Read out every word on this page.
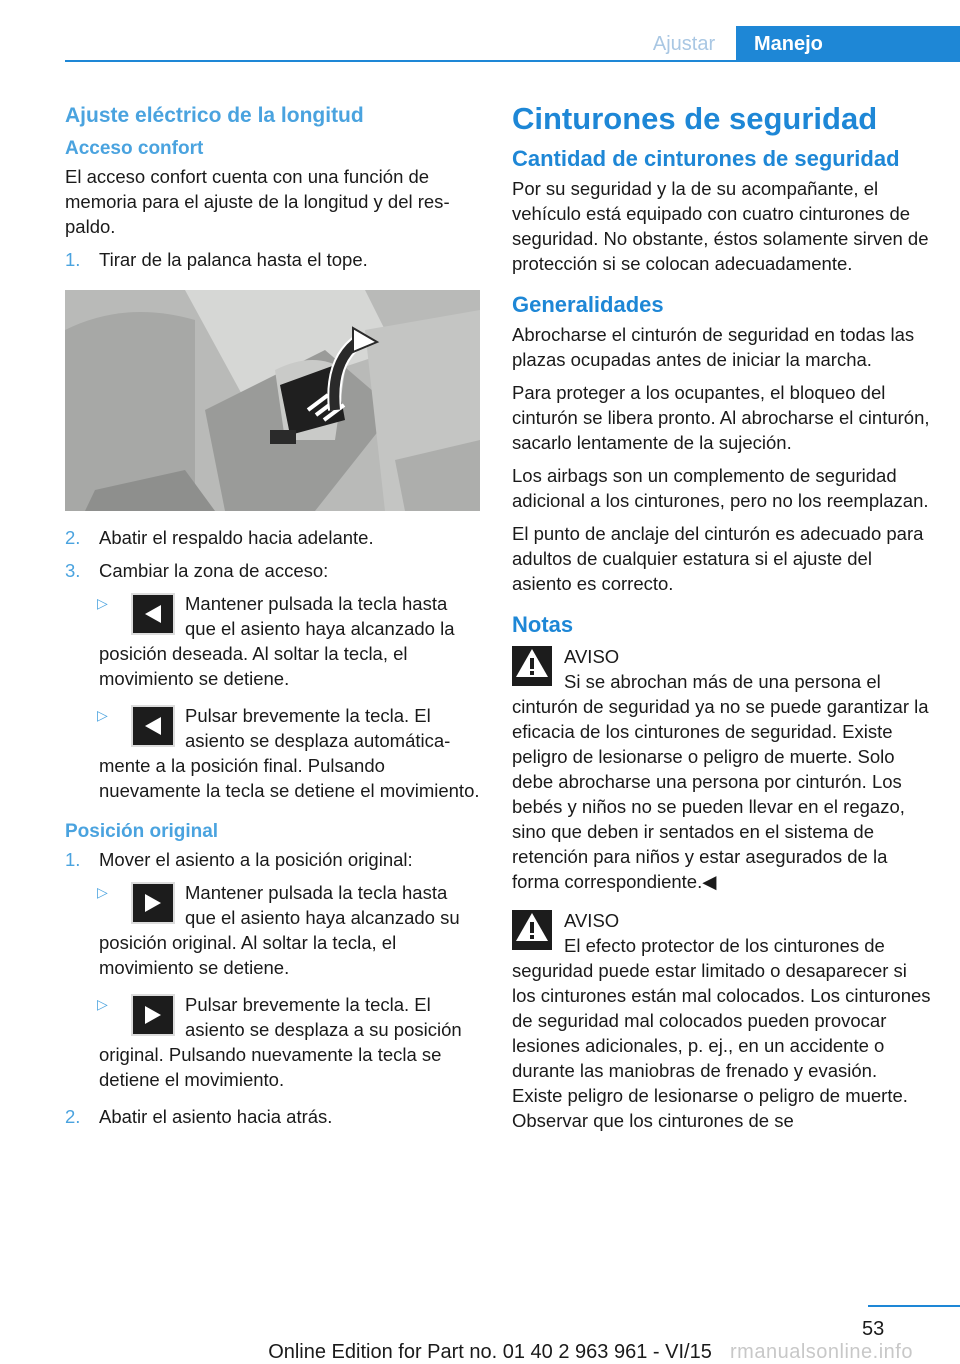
Ajustar	Manejo
Ajuste eléctrico de la longitud
Acceso confort

El acceso confort cuenta con una función de memoria para el ajuste de la longitud y del respaldo.

1.	Tirar de la palanca hasta el tope.
2.	Abatir el respaldo hacia adelante.
3.	Cambiar la zona de acceso:
▷	Mantener pulsada la tecla hasta que el asiento haya alcanzado la posición deseada. Al soltar la tecla, el movimiento se detiene.
▷	Pulsar brevemente la tecla. El asiento se desplaza automáticamente a la posición final. Pulsando nuevamente la tecla se detiene el movimiento.
Posición original
1.	Mover el asiento a la posición original:
▷	Mantener pulsada la tecla hasta que el asiento haya alcanzado su posición original. Al soltar la tecla, el movimiento se detiene.
▷	Pulsar brevemente la tecla. El asiento se desplaza a su posición original. Pulsando nuevamente la tecla se detiene el movimiento.
2.	Abatir el asiento hacia atrás.
Cinturones de seguridad
Cantidad de cinturones de seguridad

Por su seguridad y la de su acompañante, el vehículo está equipado con cuatro cinturones de seguridad. No obstante, éstos solamente sirven de protección si se colocan adecuadamente.

Generalidades

Abrocharse el cinturón de seguridad en todas las plazas ocupadas antes de iniciar la marcha.

Para proteger a los ocupantes, el bloqueo del cinturón se libera pronto. Al abrocharse el cinturón, sacarlo lentamente de la sujeción.

Los airbags son un complemento de seguridad adicional a los cinturones, pero no los reemplazan.

El punto de anclaje del cinturón es adecuado para adultos de cualquier estatura si el ajuste del asiento es correcto.

Notas

AVISO

Si se abrochan más de una persona el cinturón de seguridad ya no se puede garantizar la eficacia de los cinturones de seguridad. Existe peligro de lesionarse o peligro de muerte. Solo debe abrocharse una persona por cinturón. Los bebés y niños no se pueden llevar en el regazo, sino que deben ir sentados en el sistema de retención para niños y estar asegurados de la forma correspondiente.◀

AVISO

El efecto protector de los cinturones de seguridad puede estar limitado o desaparecer si los cinturones están mal colocados. Los cinturones de seguridad mal colocados pueden provocar lesiones adicionales, p. ej., en un accidente o durante las maniobras de frenado y evasión. Existe peligro de lesionarse o peligro de muerte. Observar que los cinturones de se

53
Online Edition for Part no. 01 40 2 963 961 - VI/15 rmanualsonline.info
